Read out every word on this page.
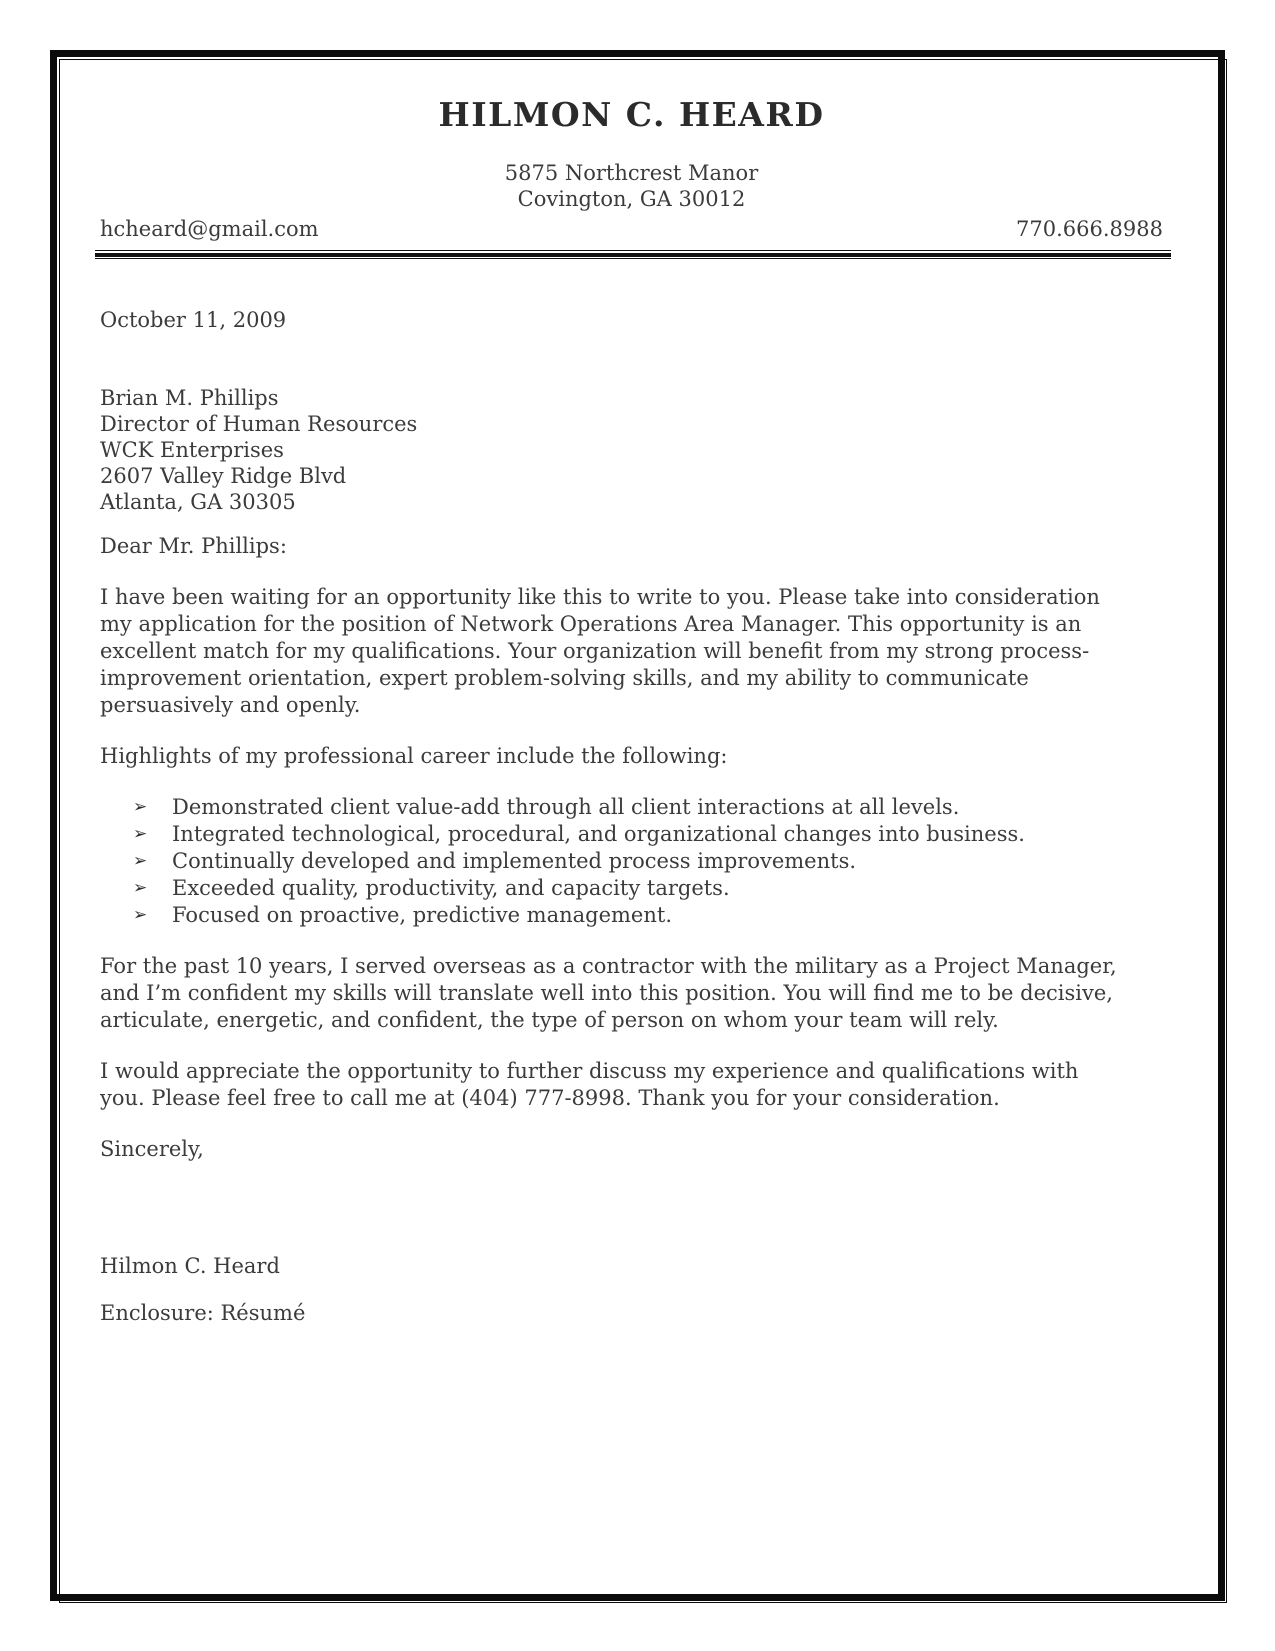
HILMON C. HEARD
5875 Northcrest Manor
Covington, GA 30012
hcheard@gmail.com	770.666.8988
October 11, 2009
Brian M. Phillips
Director of Human Resources
WCK Enterprises
2607 Valley Ridge Blvd
Atlanta, GA 30305
Dear Mr. Phillips:

I have been waiting for an opportunity like this to write to you. Please take into consideration my application for the position of Network Operations Area Manager. This opportunity is an excellent match for my qualifications. Your organization will benefit from my strong process-improvement orientation, expert problem-solving skills, and my ability to communicate persuasively and openly.

Highlights of my professional career include the following:

➢	Demonstrated client value-add through all client interactions at all levels.
➢	Integrated technological, procedural, and organizational changes into business.
➢	Continually developed and implemented process improvements.
➢	Exceeded quality, productivity, and capacity targets.
➢	Focused on proactive, predictive management.

For the past 10 years, I served overseas as a contractor with the military as a Project Manager, and I’m confident my skills will translate well into this position. You will find me to be decisive, articulate, energetic, and confident, the type of person on whom your team will rely.

I would appreciate the opportunity to further discuss my experience and qualifications with you. Please feel free to call me at (404) 777-8998. Thank you for your consideration.

Sincerely,
Hilmon C. Heard
Enclosure: Résumé
